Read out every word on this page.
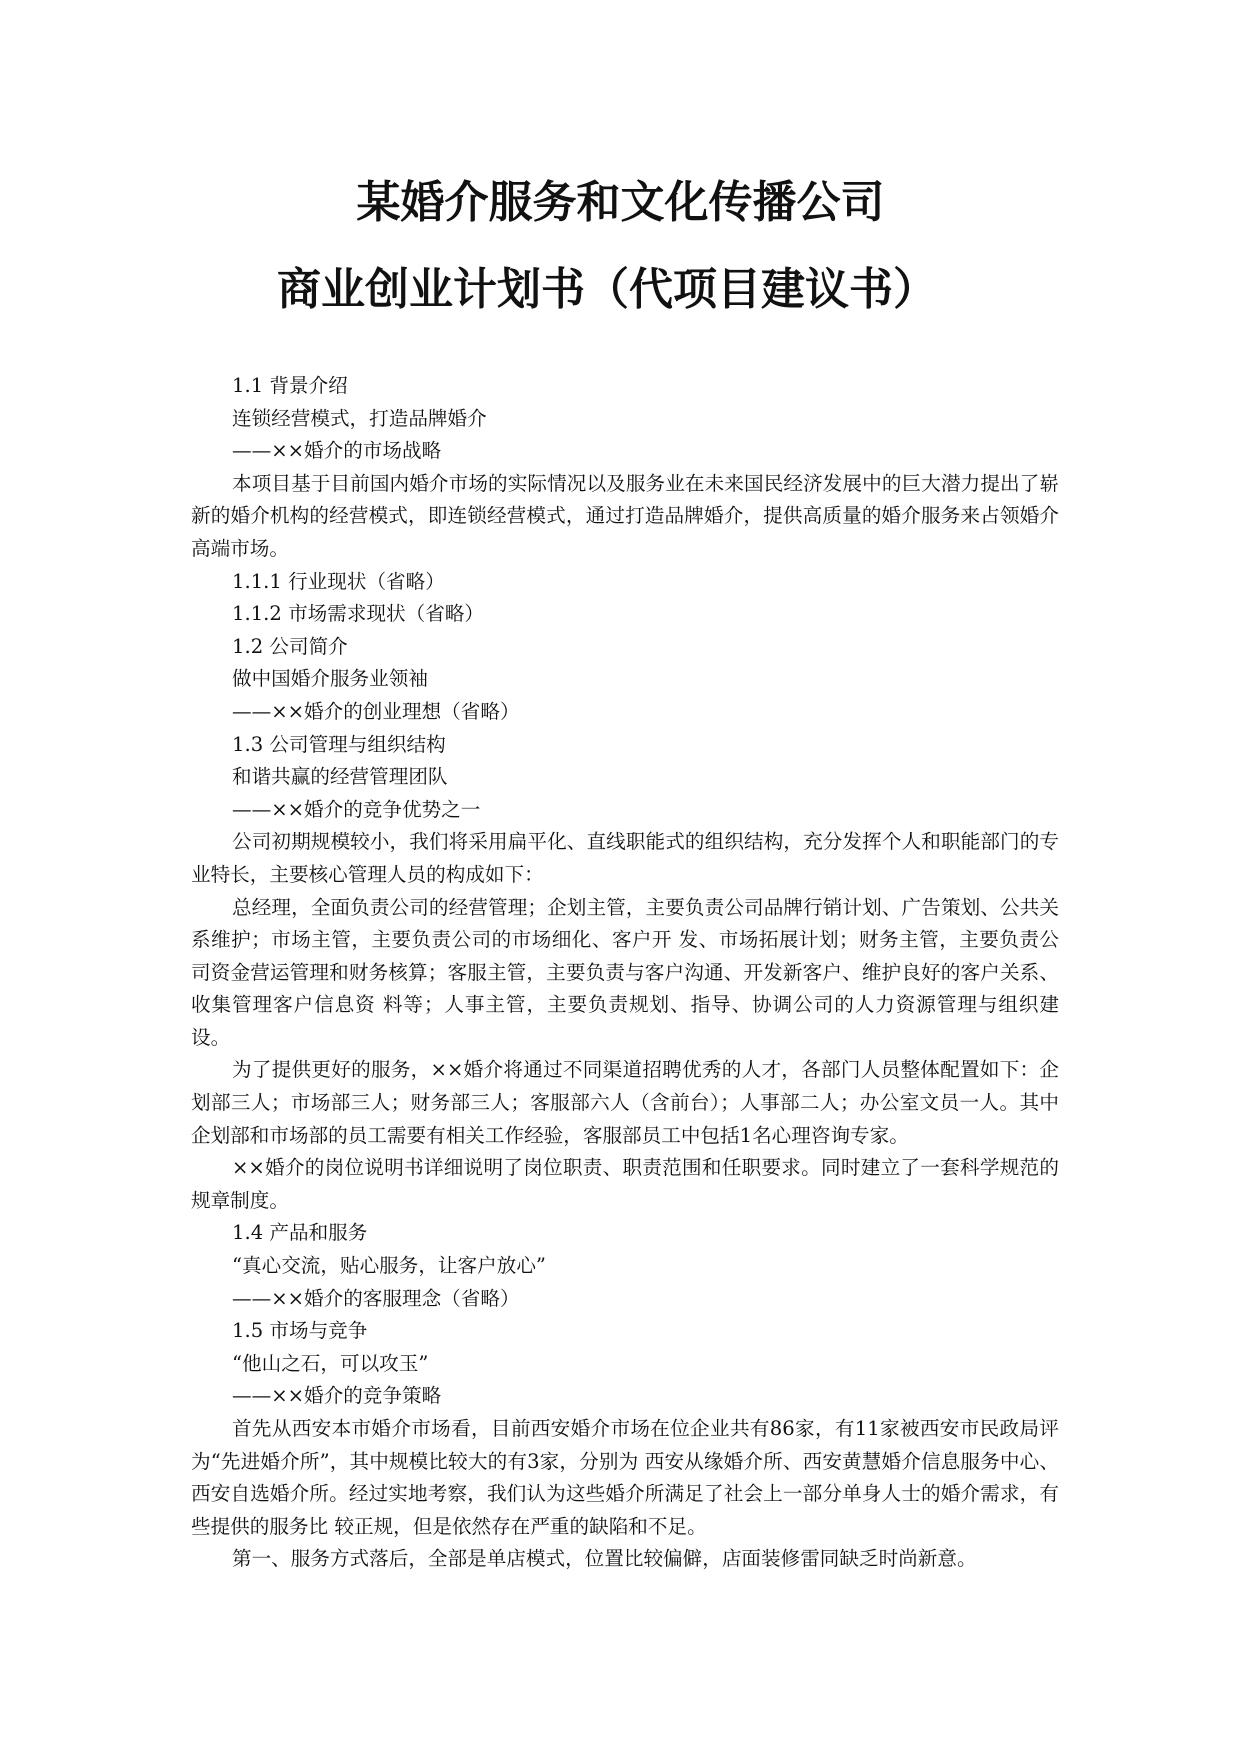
某婚介服务和文化传播公司
商业创业计划书（代项目建议书）

1.1 背景介绍

连锁经营模式，打造品牌婚介

——××婚介的市场战略

本项目基于目前国内婚介市场的实际情况以及服务业在未来国民经济发展中的巨大潜力提出了崭新的婚介机构的经营模式，即连锁经营模式，通过打造品牌婚介，提供高质量的婚介服务来占领婚介高端市场。

1.1.1 行业现状（省略）

1.1.2 市场需求现状（省略）

1.2 公司简介

做中国婚介服务业领袖

——××婚介的创业理想（省略）

1.3 公司管理与组织结构

和谐共赢的经营管理团队

——××婚介的竞争优势之一

公司初期规模较小，我们将采用扁平化、直线职能式的组织结构，充分发挥个人和职能部门的专业特长，主要核心管理人员的构成如下：

总经理，全面负责公司的经营管理；企划主管，主要负责公司品牌行销计划、广告策划、公共关系维护；市场主管，主要负责公司的市场细化、客户开 发、市场拓展计划；财务主管，主要负责公司资金营运管理和财务核算；客服主管，主要负责与客户沟通、开发新客户、维护良好的客户关系、收集管理客户信息资 料等；人事主管，主要负责规划、指导、协调公司的人力资源管理与组织建设。

为了提供更好的服务，××婚介将通过不同渠道招聘优秀的人才，各部门人员整体配置如下：企划部三人；市场部三人；财务部三人；客服部六人（含前台）；人事部二人；办公室文员一人。其中企划部和市场部的员工需要有相关工作经验，客服部员工中包括1名心理咨询专家。

××婚介的岗位说明书详细说明了岗位职责、职责范围和任职要求。同时建立了一套科学规范的规章制度。

1.4 产品和服务

“真心交流，贴心服务，让客户放心”

——××婚介的客服理念（省略）

1.5 市场与竞争

“他山之石，可以攻玉”

——××婚介的竞争策略

首先从西安本市婚介市场看，目前西安婚介市场在位企业共有86家，有11家被西安市民政局评为“先进婚介所”，其中规模比较大的有3家，分别为 西安从缘婚介所、西安黄慧婚介信息服务中心、西安自选婚介所。经过实地考察，我们认为这些婚介所满足了社会上一部分单身人士的婚介需求，有些提供的服务比 较正规，但是依然存在严重的缺陷和不足。

第一、服务方式落后，全部是单店模式，位置比较偏僻，店面装修雷同缺乏时尚新意。
